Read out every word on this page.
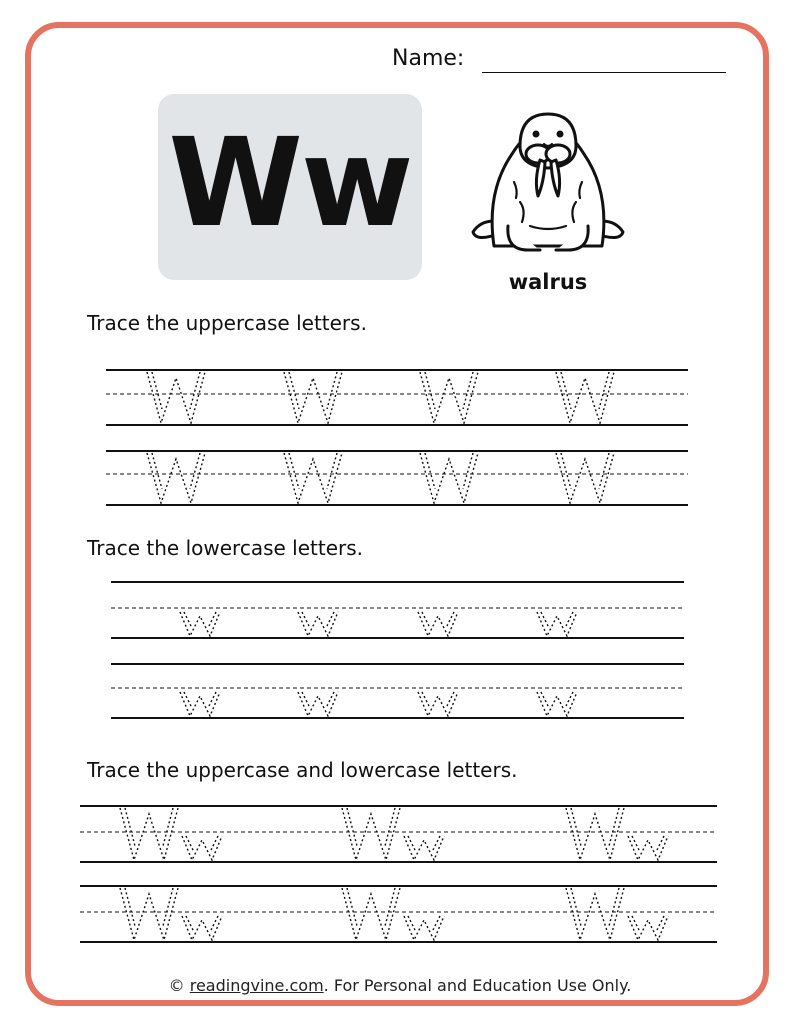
Name:
Ww
walrus
Trace the uppercase letters.
Trace the lowercase letters.
Trace the uppercase and lowercase letters.
© readingvine.com. For Personal and Education Use Only.
